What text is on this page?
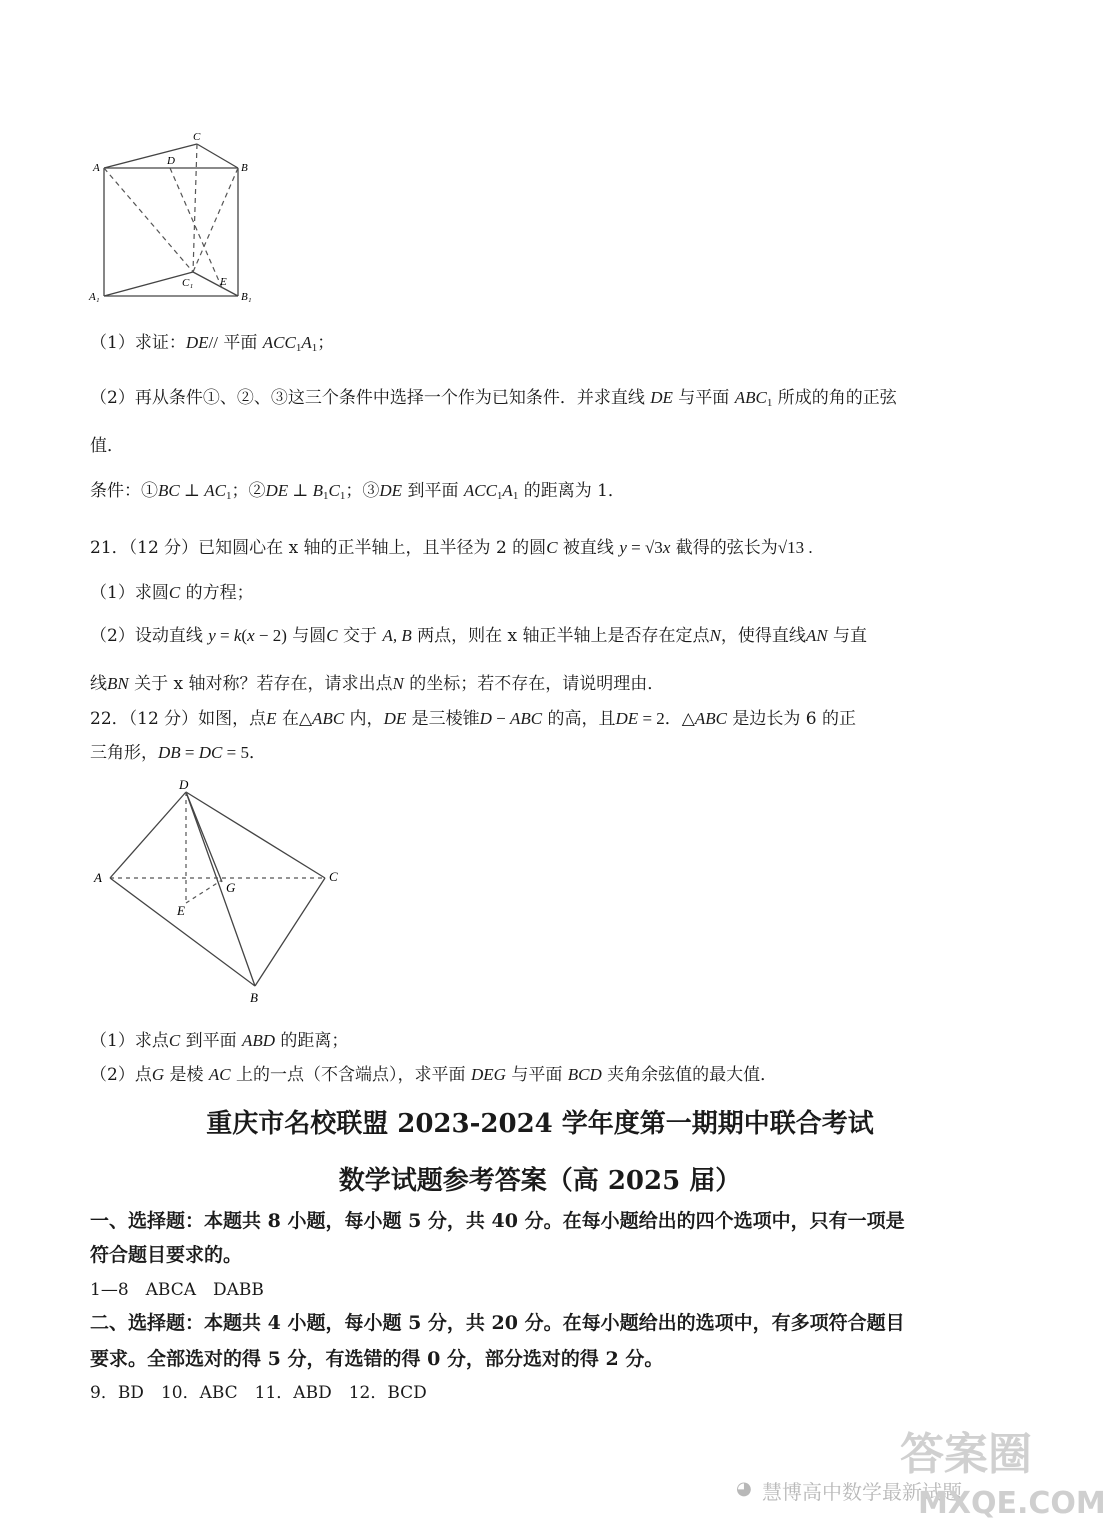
A
C
D
B
C₁ E
A₁	B₁
（1）求证：DE// 平面 $ACC_1A_1$；
（2）再从条件①、②、③这三个条件中选择一个作为已知条件．并求直线 DE 与平面 $ABC_1$ 所成的角的正弦
值．
条件：①BC ⊥ $AC_1$；②DE ⊥ $B_1C_1$；③DE 到平面 $ACC_1A_1$ 的距离为 1．
21．（12 分）已知圆心在 x 轴的正半轴上，且半径为 2 的圆C 被直线 y = √3x 截得的弦长为√13 .
（1）求圆C 的方程；
（2）设动直线 y = k(x − 2) 与圆C 交于 A, B 两点，则在 x 轴正半轴上是否存在定点N，使得直线AN 与直
线BN 关于 x 轴对称？若存在，请求出点N 的坐标；若不存在，请说明理由．
22．（12 分）如图，点E 在△ABC 内，DE 是三棱锥D − ABC 的高，且DE = 2．△ABC 是边长为 6 的正
三角形，DB = DC = 5．
D
A	C
G
E
B
（1）求点C 到平面 ABD 的距离；
（2）点G 是棱 AC 上的一点（不含端点），求平面 DEG 与平面 BCD 夹角余弦值的最大值．
重庆市名校联盟 2023-2024 学年度第一期期中联合考试
数学试题参考答案（高 2025 届）
一、选择题：本题共 8 小题，每小题 5 分，共 40 分。在每小题给出的四个选项中，只有一项是
符合题目要求的。
1—8　ABCA　DABB
二、选择题：本题共 4 小题，每小题 5 分，共 20 分。在每小题给出的选项中，有多项符合题目
要求。全部选对的得 5 分，有选错的得 0 分，部分选对的得 2 分。
9．BD　10．ABC　11．ABD　12．BCD
◕ 慧博高中数学最新试题
答案圈
MXQE.COM
